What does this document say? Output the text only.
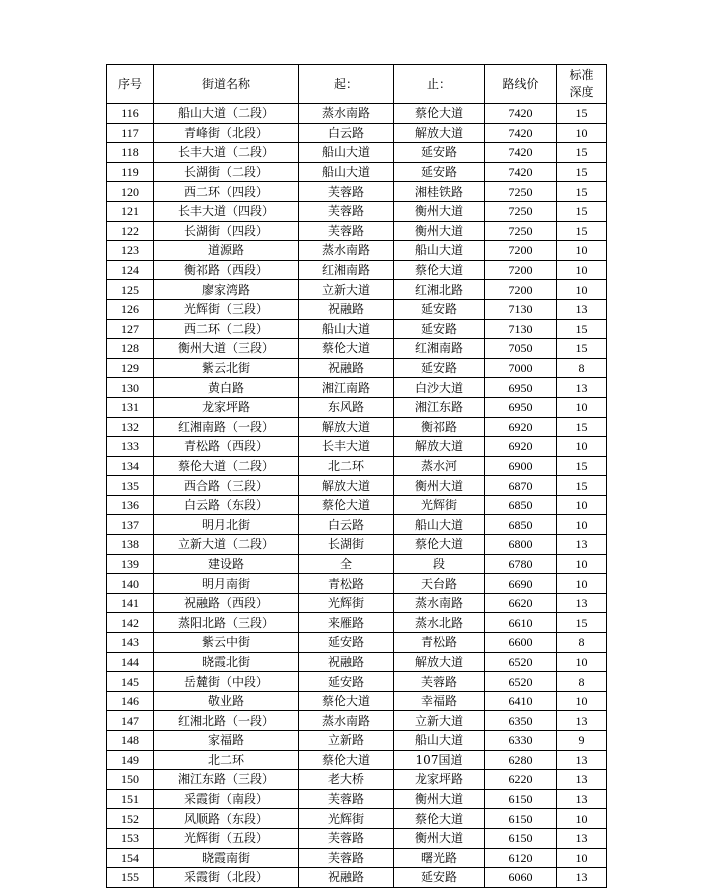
序号	街道名称	起：	止：	路线价	标准
深度
116	船山大道（二段）	蒸水南路	蔡伦大道	7420	15
117	青峰街（北段）	白云路	解放大道	7420	10
118	长丰大道（二段）	船山大道	延安路	7420	15
119	长湖街（二段）	船山大道	延安路	7420	15
120	西二环（四段）	芙蓉路	湘桂铁路	7250	15
121	长丰大道（四段）	芙蓉路	衡州大道	7250	15
122	长湖街（四段）	芙蓉路	衡州大道	7250	15
123	道源路	蒸水南路	船山大道	7200	10
124	衡祁路（西段）	红湘南路	蔡伦大道	7200	10
125	廖家湾路	立新大道	红湘北路	7200	10
126	光辉街（三段）	祝融路	延安路	7130	13
127	西二环（二段）	船山大道	延安路	7130	15
128	衡州大道（三段）	蔡伦大道	红湘南路	7050	15
129	紫云北街	祝融路	延安路	7000	8
130	黄白路	湘江南路	白沙大道	6950	13
131	龙家坪路	东风路	湘江东路	6950	10
132	红湘南路（一段）	解放大道	衡祁路	6920	15
133	青松路（西段）	长丰大道	解放大道	6920	10
134	蔡伦大道（二段）	北二环	蒸水河	6900	15
135	西合路（三段）	解放大道	衡州大道	6870	15
136	白云路（东段）	蔡伦大道	光辉街	6850	10
137	明月北街	白云路	船山大道	6850	10
138	立新大道（二段）	长湖街	蔡伦大道	6800	13
139	建设路	全	段	6780	10
140	明月南街	青松路	天台路	6690	10
141	祝融路（西段）	光辉街	蒸水南路	6620	13
142	蒸阳北路（三段）	来雁路	蒸水北路	6610	15
143	紫云中街	延安路	青松路	6600	8
144	晓霞北街	祝融路	解放大道	6520	10
145	岳麓街（中段）	延安路	芙蓉路	6520	8
146	敬业路	蔡伦大道	幸福路	6410	10
147	红湘北路（一段）	蒸水南路	立新大道	6350	13
148	家福路	立新路	船山大道	6330	9
149	北二环	蔡伦大道	107国道	6280	13
150	湘江东路（三段）	老大桥	龙家坪路	6220	13
151	采霞街（南段）	芙蓉路	衡州大道	6150	13
152	风顺路（东段）	光辉街	蔡伦大道	6150	10
153	光辉街（五段）	芙蓉路	衡州大道	6150	13
154	晓霞南街	芙蓉路	曙光路	6120	10
155	采霞街（北段）	祝融路	延安路	6060	13
